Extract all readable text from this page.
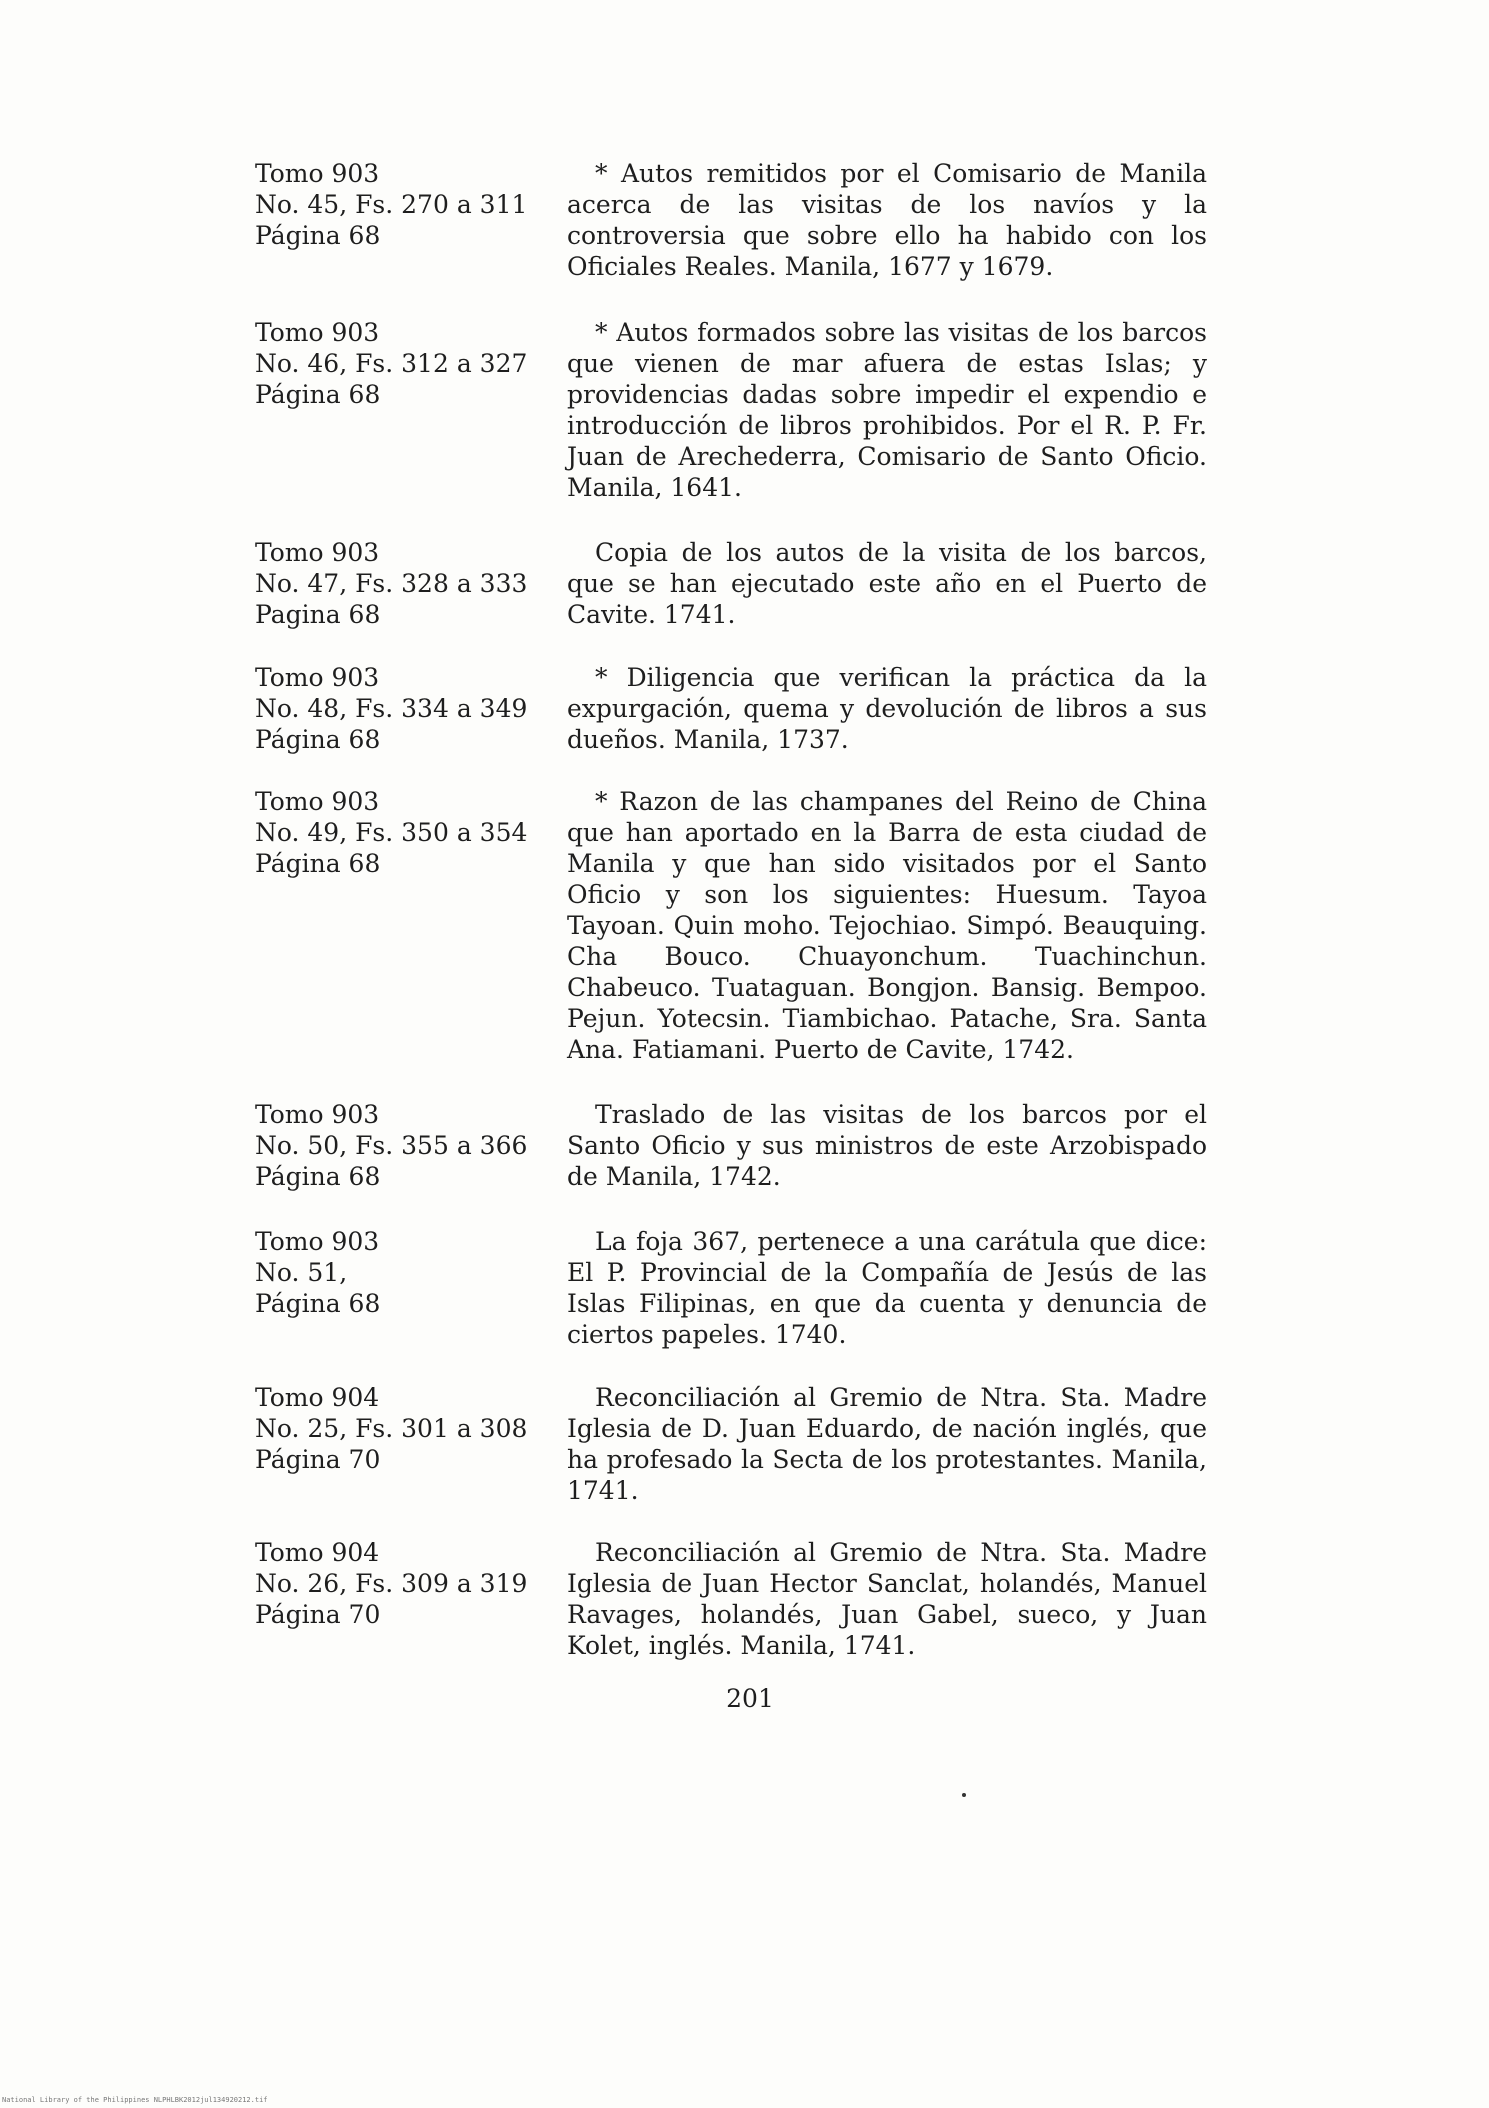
Tomo 903
No. 45, Fs. 270 a 311
Página 68
* Autos remitidos por el Comisario de Manila acerca de las visitas de los navíos y la controversia que sobre ello ha habido con los Oficiales Reales. Manila, 1677 y 1679.
Tomo 903
No. 46, Fs. 312 a 327
Página 68
* Autos formados sobre las visitas de los barcos que vienen de mar afuera de estas Islas; y providencias dadas sobre impedir el expendio e introducción de libros prohibidos. Por el R. P. Fr. Juan de Arechederra, Comisario de Santo Oficio. Manila, 1641.
Tomo 903
No. 47, Fs. 328 a 333
Pagina 68
Copia de los autos de la visita de los barcos, que se han ejecutado este año en el Puerto de Cavite. 1741.
Tomo 903
No. 48, Fs. 334 a 349
Página 68
* Diligencia que verifican la práctica da la expurgación, quema y devolución de libros a sus dueños. Manila, 1737.
Tomo 903
No. 49, Fs. 350 a 354
Página 68
* Razon de las champanes del Reino de China que han aportado en la Barra de esta ciudad de Manila y que han sido visitados por el Santo Oficio y son los siguientes: Huesum. Tayoa Tayoan. Quin moho. Tejochiao. Simpó. Beauquing. Cha Bouco. Chuayonchum. Tuachinchun. Chabeuco. Tuataguan. Bongjon. Bansig. Bempoo. Pejun. Yotecsin. Tiambichao. Patache, Sra. Santa Ana. Fatiamani. Puerto de Cavite, 1742.
Tomo 903
No. 50, Fs. 355 a 366
Página 68
Traslado de las visitas de los barcos por el Santo Oficio y sus ministros de este Arzobispado de Manila, 1742.
Tomo 903
No. 51,
Página 68
La foja 367, pertenece a una carátula que dice: El P. Provincial de la Compañía de Jesús de las Islas Filipinas, en que da cuenta y denuncia de ciertos papeles. 1740.
Tomo 904
No. 25, Fs. 301 a 308
Página 70
Reconciliación al Gremio de Ntra. Sta. Madre Iglesia de D. Juan Eduardo, de nación inglés, que ha profesado la Secta de los protestantes. Manila, 1741.
Tomo 904
No. 26, Fs. 309 a 319
Página 70
Reconciliación al Gremio de Ntra. Sta. Madre Iglesia de Juan Hector Sanclat, holandés, Manuel Ravages, holandés, Juan Gabel, sueco, y Juan Kolet, inglés. Manila, 1741.
201
National Library of the Philippines NLPHLBK2012jul134920212.tif
